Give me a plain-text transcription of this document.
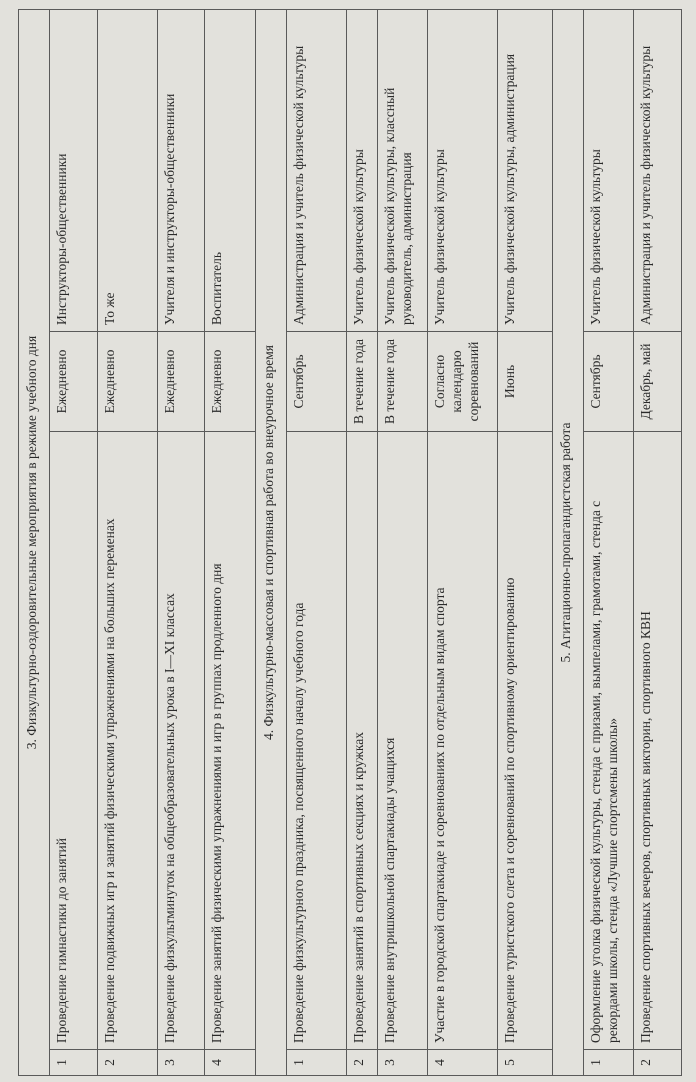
3. Физкультурно-оздоровительные мероприятия в режиме учебного дня			
1	Проведение гимнастики до занятий	Ежедневно	Инструкторы-общественники
2	Проведение подвижных игр и занятий физическими упражнениями на больших переменах	Ежедневно	То же
3	Проведение физкультминуток на общеобразовательных урока в I—XI классах	Ежедневно	Учителя и инструкторы-общественники
4	Проведение занятий физическими упражнениями и игр в группах продленного дня	Ежедневно	Воспитатель
4. Физкультурно-массовая и спортивная работа во внеурочное время			
1	Проведение физкультурного праздника, посвященного началу учебного года	Сентябрь	Администрация и учитель физической культуры
2	Проведение занятий в спортивных секциях и кружках	В течение года	Учитель физической культуры
3	Проведение внутришкольной спартакиады учащихся	В течение года	Учитель физической культуры, классный руководитель, администрация
4	Участие в городской спартакиаде и соревнованиях по отдельным видам спорта	Согласно календарю соревнований	Учитель физической культуры
5	Проведение туристского слета и соревнований по спортивному ориентированию	Июнь	Учитель физической культуры, администрация
5. Агитационно-пропагандистская работа			
1	Оформление уголка физической культуры, стенда с призами, вымпелами, грамотами, стенда с рекордами школы, стенда «Лучшие спортсмены школы»	Сентябрь	Учитель физической культуры
2	Проведение спортивных вечеров, спортивных викторин, спортивного КВН	Декабрь, май	Администрация и учитель физической культуры
